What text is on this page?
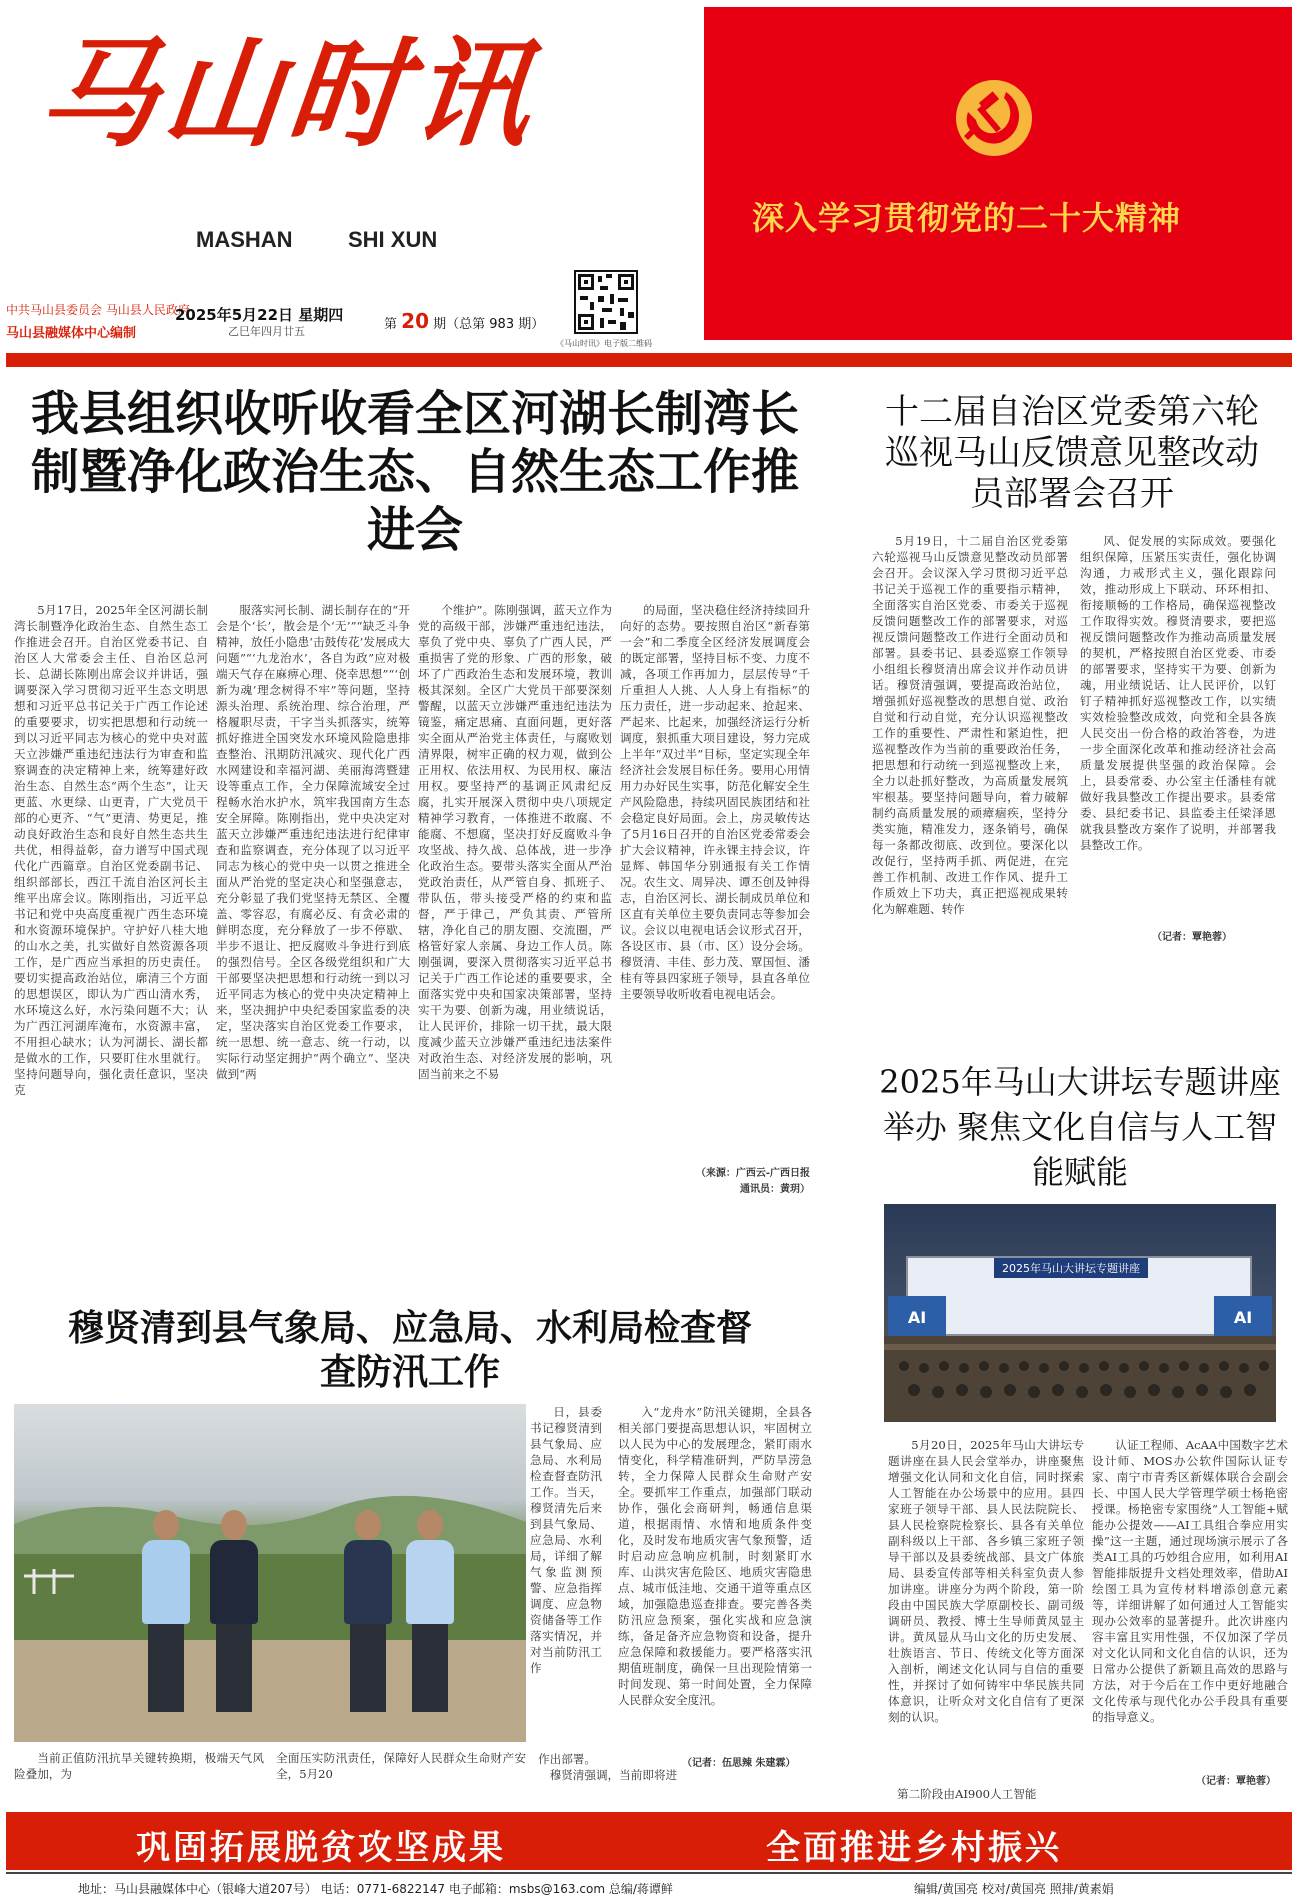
马山时讯
MASHAN	SHI XUN
中共马山县委员会 马山县人民政府
马山县融媒体中心编制
2025年5月22日 星期四
乙巳年四月廿五	第 20 期（总第 983 期）
《马山时讯》电子版二维码
深入学习贯彻党的二十大精神
我县组织收听收看全区河湖长制湾长制暨净化政治生态、自然生态工作推进会

5月17日，2025年全区河湖长制湾长制暨净化政治生态、自然生态工作推进会召开。自治区党委书记、自治区人大常委会主任、自治区总河长、总湖长陈刚出席会议并讲话，强调要深入学习贯彻习近平生态文明思想和习近平总书记关于广西工作论述的重要要求，切实把思想和行动统一到以习近平同志为核心的党中央对蓝天立涉嫌严重违纪违法行为审查和监察调查的决定精神上来，统筹建好政治生态、自然生态“两个生态”，让天更蓝、水更绿、山更青，广大党员干部的心更齐、“气”更清、势更足，推动良好政治生态和良好自然生态共生共优，相得益彰，奋力谱写中国式现代化广西篇章。自治区党委副书记、组织部部长，西江千流自治区河长主维平出席会议。陈刚指出，习近平总书记和党中央高度重视广西生态环境和水资源环境保护。守护好八桂大地的山水之美，扎实做好自然资源各项工作，是广西应当承担的历史责任。要切实提高政治站位，廓清三个方面的思想误区，即认为广西山清水秀，水环境这么好，水污染问题不大；认为广西江河湖库淹布，水资源丰富，不用担心缺水；认为河湖长、湖长都是做水的工作，只要盯住水里就行。坚持问题导向，强化责任意识，坚决克

服落实河长制、湖长制存在的“开会是个‘长’，散会是个‘无’”“缺乏斗争精神，放任小隐患‘击鼓传花’发展成大问题”“‘九龙治水’，各自为政”应对极端天气存在麻痹心理、侥幸思想”“‘创新为魂’理念树得不牢”等问题，坚持源头治理、系统治理、综合治理，严格履职尽责，干字当头抓落实，统筹抓好推进全国突发水环境风险隐患排查整治、汛期防汛减灾、现代化广西水网建设和幸福河湖、美丽海湾暨建设等重点工作，全力保障流域安全过程畅水治水护水，筑牢我国南方生态安全屏障。陈刚指出，党中央决定对蓝天立涉嫌严重违纪违法进行纪律审查和监察调查，充分体现了以习近平同志为核心的党中央一以贯之推进全面从严治党的坚定决心和坚强意志，充分彰显了我们党坚持无禁区、全覆盖、零容忍，有腐必反、有贪必肃的鲜明态度，充分释放了一步不停歇、半步不退让、把反腐败斗争进行到底的强烈信号。全区各级党组织和广大干部要坚决把思想和行动统一到以习近平同志为核心的党中央决定精神上来，坚决拥护中央纪委国家监委的决定，坚决落实自治区党委工作要求，统一思想、统一意志、统一行动，以实际行动坚定拥护“两个确立”、坚决做到“两

个维护”。陈刚强调，蓝天立作为党的高级干部，涉嫌严重违纪违法，辜负了党中央、辜负了广西人民，严重损害了党的形象、广西的形象，破坏了广西政治生态和发展环境，教训极其深刻。全区广大党员干部要深刻警醒，以蓝天立涉嫌严重违纪违法为镜鉴，痛定思痛、直面问题，更好落实全面从严治党主体责任，与腐败划清界限，树牢正确的权力观，做到公正用权、依法用权、为民用权、廉洁用权。要坚持严的基调正风肃纪反腐，扎实开展深入贯彻中央八项规定精神学习教育，一体推进不敢腐、不能腐、不想腐，坚决打好反腐败斗争攻坚战、持久战、总体战，进一步净化政治生态。要带头落实全面从严治党政治责任，从严管自身、抓班子、带队伍，带头接受严格的约束和监督，严于律己，严负其责、严管所辖，净化自己的朋友圈、交流圈，严格管好家人亲属、身边工作人员。陈刚强调，要深入贯彻落实习近平总书记关于广西工作论述的重要要求，全面落实党中央和国家决策部署，坚持实干为要、创新为魂，用业绩说话，让人民评价，排除一切干扰，最大限度减少蓝天立涉嫌严重违纪违法案件对政治生态、对经济发展的影响，巩固当前来之不易

的局面，坚决稳住经济持续回升向好的态势。要按照自治区“新春第一会”和二季度全区经济发展调度会的既定部署，坚持目标不变、力度不减，各项工作再加力，层层传导“千斤重担人人挑、人人身上有指标”的压力责任，进一步动起来、抢起来、严起来、比起来，加强经济运行分析调度，狠抓重大项目建设，努力完成上半年“双过半”目标，坚定实现全年经济社会发展目标任务。要用心用情用力办好民生实事，防范化解安全生产风险隐患，持续巩固民族团结和社会稳定良好局面。会上，房灵敏传达了5月16日召开的自治区党委常委会扩大会议精神，许永锞主持会议，许显辉、韩国华分别通报有关工作情况。农生文、周异决、谭丕创及钟得志，自治区河长、湖长制成员单位和区直有关单位主要负责同志等参加会议。会议以电视电话会议形式召开，各设区市、县（市、区）设分会场。穆贤清、丰佳、彭力茂、覃国恒、潘桂有等县四家班子领导，县直各单位主要领导收听收看电视电话会。

（来源：广西云-广西日报
通讯员：黄玥）
十二届自治区党委第六轮巡视马山反馈意见整改动员部署会召开

5月19日，十二届自治区党委第六轮巡视马山反馈意见整改动员部署会召开。会议深入学习贯彻习近平总书记关于巡视工作的重要指示精神，全面落实自治区党委、市委关于巡视反馈问题整改工作的部署要求，对巡视反馈问题整改工作进行全面动员和部署。县委书记、县委巡察工作领导小组组长穆贤清出席会议并作动员讲话。穆贤清强调，要提高政治站位，增强抓好巡视整改的思想自觉、政治自觉和行动自觉，充分认识巡视整改工作的重要性、严肃性和紧迫性，把巡视整改作为当前的重要政治任务，把思想和行动统一到巡视整改上来，全力以赴抓好整改，为高质量发展筑牢根基。要坚持问题导向，着力破解制约高质量发展的顽瘴痼疾，坚持分类实施，精准发力，逐条销号，确保每一条都改彻底、改到位。要深化以改促行，坚持两手抓、两促进，在完善工作机制、改进工作作风、提升工作质效上下功夫，真正把巡视成果转化为解难题、转作

风、促发展的实际成效。要强化组织保障，压紧压实责任，强化协调沟通，力戒形式主义，强化跟踪问效，推动形成上下联动、环环相扣、衔接顺畅的工作格局，确保巡视整改工作取得实效。穆贤清要求，要把巡视反馈问题整改作为推动高质量发展的契机，严格按照自治区党委、市委的部署要求，坚持实干为要、创新为魂，用业绩说话、让人民评价，以钉钉子精神抓好巡视整改工作，以实绩实效检验整改成效，向党和全县各族人民交出一份合格的政治答卷，为进一步全面深化改革和推动经济社会高质量发展提供坚强的政治保障。会上，县委常委、办公室主任潘桂有就做好我县整改工作提出要求。县委常委、县纪委书记、县监委主任梁泽恩就我县整改方案作了说明，并部署我县整改工作。

（记者：覃艳蓉）
2025年马山大讲坛专题讲座举办 聚焦文化自信与人工智能赋能
2025年马山大讲坛专题讲座
AI	AI

5月20日，2025年马山大讲坛专题讲座在县人民会堂举办，讲座聚焦增强文化认同和文化自信，同时探索人工智能在办公场景中的应用。县四家班子领导干部、县人民法院院长、县人民检察院检察长、县各有关单位副科级以上干部、各乡镇三家班子领导干部以及县委统战部、县文广体旅局、县委宣传部等相关科室负责人参加讲座。讲座分为两个阶段，第一阶段由中国民族大学原副校长、副司级调研员、教授、博士生导师黄凤显主讲。黄凤显从马山文化的历史发展、壮族语言、节日、传统文化等方面深入剖析，阐述文化认同与自信的重要性，并探讨了如何铸牢中华民族共同体意识，让听众对文化自信有了更深刻的认识。

认证工程师、AcAA中国数字艺术设计师、MOS办公软件国际认证专家、南宁市青秀区新媒体联合会副会长、中国人民大学管理学硕士杨艳密授课。杨艳密专家围绕“人工智能+赋能办公提效——AI工具组合拳应用实操”这一主题，通过现场演示展示了各类AI工具的巧妙组合应用，如利用AI智能排版提升文档处理效率，借助AI绘图工具为宣传材料增添创意元素等，详细讲解了如何通过人工智能实现办公效率的显著提升。此次讲座内容丰富且实用性强，不仅加深了学员对文化认同和文化自信的认识，还为日常办公提供了新颖且高效的思路与方法，对于今后在工作中更好地融合文化传承与现代化办公手段具有重要的指导意义。

第二阶段由AI900人工智能
（记者：覃艳蓉）
穆贤清到县气象局、应急局、水利局检查督查防汛工作

日，县委书记穆贤清到县气象局、应急局、水利局检查督查防汛工作。当天，穆贤清先后来到县气象局、应急局、水利局，详细了解气象监测预警、应急指挥调度、应急物资储备等工作落实情况，并对当前防汛工作

入“龙舟水”防汛关键期，全县各相关部门要提高思想认识，牢固树立以人民为中心的发展理念，紧盯雨水情变化，科学精准研判，严防旱涝急转，全力保障人民群众生命财产安全。要抓牢工作重点，加强部门联动协作，强化会商研判，畅通信息渠道，根据雨情、水情和地质条件变化，及时发布地质灾害气象预警，适时启动应急响应机制，时刻紧盯水库、山洪灾害危险区、地质灾害隐患点、城市低洼地、交通干道等重点区域，加强隐患巡查排查。要完善各类防汛应急预案，强化实战和应急演练，备足备齐应急物资和设备，提升应急保障和救援能力。要严格落实汛期值班制度，确保一旦出现险情第一时间发现、第一时间处置，全力保障人民群众安全度汛。

当前正值防汛抗旱关键转换期，极端天气风险叠加，为
全面压实防汛责任，保障好人民群众生命财产安全，5月20
作出部署。
穆贤清强调，当前即将进
（记者：伍思辣 朱建霖）
巩固拓展脱贫攻坚成果	全面推进乡村振兴
地址：马山县融媒体中心（银峰大道207号） 电话：0771-6822147 电子邮箱：msbs@163.com 总编/蒋谭鲜	编辑/黄国亮 校对/黄国亮 照排/黄素娟
